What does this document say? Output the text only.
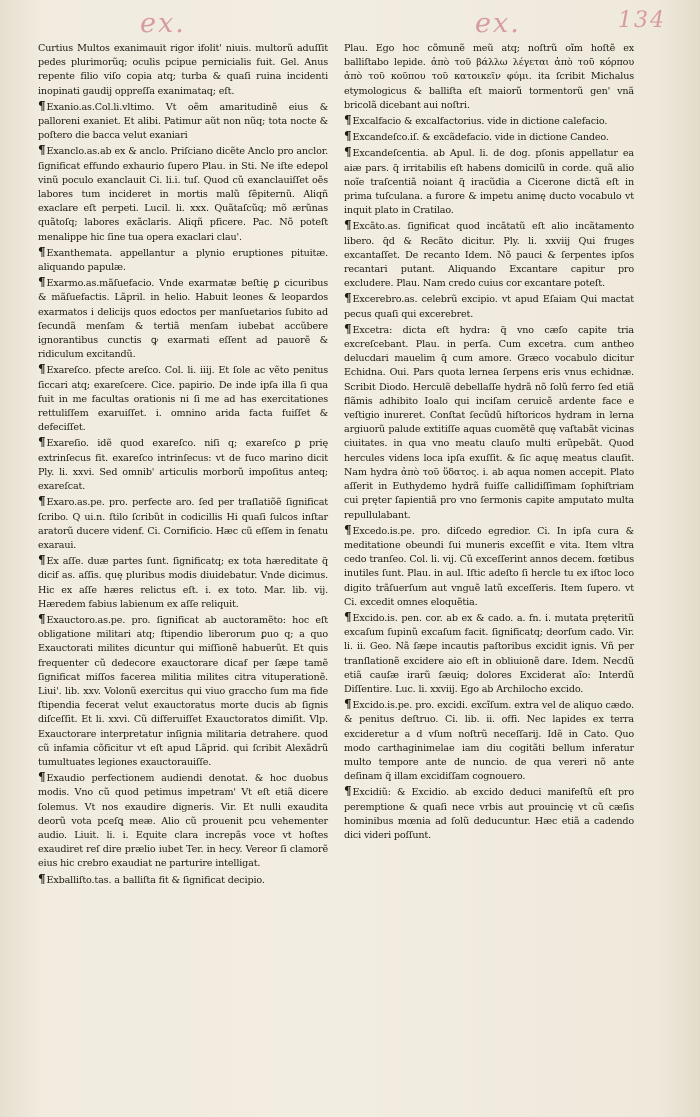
ex.	ex.	134

Curtius Multos exanimauit rigor ifolit' niuis. multorũ aduſſit pedes plurimorũq; oculis pcipue pernicialis fuit. Gel. Anus repente filio viſo copia atq; turba & quaſi ruina incidenti inopinati gaudij oppreſſa exanimataq; eſt.

¶Exanio.as.Col.li.vltimo. Vt oẽm amaritudinẽ eius & palloreni exaniet. Et alibi. Patimur aũt non nũq; tota nocte & poſtero die bacca velut exaniari

¶Exanclo.as.ab ex & anclo. Priſciano dicẽte Anclo pro anclor. ſignificat effundo exhaurio ſupero Plau. in Sti. Ne iſte edepol vinũ poculo exanclauit Ci. li.i. tuſ. Quod cũ exanclauiſſet oẽs labores tum incideret in mortis malũ ſẽpiternũ. Aliqñ exaclare eſt perpeti. Lucil. li. xxx. Quãtaſcũq; mõ ærũnas quãtoſq; labores exãclaris. Aliqñ pficere. Pac. Nõ poteſt menalippe hic ſine tua opera exaclari clau'.

¶Exanthemata. appellantur a plynio eruptiones pituitæ. aliquando papulæ.

¶Exarmo.as.mãſuefacio. Vnde exarmatæ beſtię ꝑ cicuribus & mãſuefactis. Lãpril. in helio. Habuit leones & leopardos exarmatos i delicijs quos edoctos per manſuetarios ſubito ad ſecundã menſam & tertiã menſam iubebat accũbere ignorantibus cunctis ꝙ exarmati eſſent ad pauorẽ & ridiculum excitandũ.

¶Exareſco. pfecte areſco. Col. li. iiij. Et ſole ac vẽto penitus ſiccari atq; exareſcere. Cice. papirio. De inde ipſa illa ſi qua fuit in me facultas orationis ni ſi me ad has exercitationes rettuliſſem exaruiſſet. i. omnino arida facta fuiſſet & defeciſſet.

¶Exareſio. idẽ quod exareſco. niſi q; exareſco ꝑ prię extrinſecus fit. exareſco intrinſecus: vt de fuco marino dicit Ply. li. xxvi. Sed omnib' articulis morborũ impoſitus anteq; exareſcat.

¶Exaro.as.pe. pro. perfecte aro. ſed per traſlatiõẽ ſignificat ſcribo. Q ui.n. ſtilo ſcribũt in codicillis Hi quaſi ſulcos inſtar aratorũ ducere videnf. Ci. Cornificio. Hæc cũ eſſem in ſenatu exaraui.

¶Ex aſſe. duæ partes ſunt. ſignificatq; ex tota hæreditate q̃ dicif as. aſſis. quę pluribus modis diuidebatur. Vnde dicimus. Hic ex aſſe hæres relictus eſt. i. ex toto. Mar. lib. vij. Hæredem fabius labienum ex aſſe reliquit.

¶Exauctoro.as.pe. pro. ſignificat ab auctoramẽto: hoc eſt obligatione militari atq; ſtipendio liberorum ꝑuo q; a quo Exauctorati milites dicuntur qui miſſionẽ habuerũt. Et quis frequenter cũ dedecore exauctorare dicaf per ſæpe tamẽ ſignificat miſſos facerea militia milites citra vituperationẽ. Liui'. lib. xxv. Volonũ exercitus qui viuo graccho ſum ma fide ſtipendia fecerat velut exauctoratus morte ducis ab ſignis diſceſſit. Et li. xxvi. Cũ diſferuiſſet Exauctoratos dimiſit. Vlp. Exauctorare interpretatur inſignia militaria detrahere. quod cũ infamia cõficitur vt eſt apud Lãprid. qui ſcribit Alexãdrũ tumultuates legiones exauctorauiſſe.

¶Exaudio perfectionem audiendi denotat. & hoc duobus modis. Vno cũ quod petimus impetram' Vt eſt etiã dicere ſolemus. Vt nos exaudire digneris. Vir. Et nulli exaudita deorũ vota pceſꝗ meæ. Alio cũ prouenit pcu vehementer audio. Liuit. li. i. Equite clara increpãs voce vt hoſtes exaudiret reſ dire prælio iubet Ter. in hecy. Vereor ſi clamorẽ eius hic crebro exaudiat ne parturire intelligat.

¶Exballiſto.tas. a balliſta fit & ſignificat decipio.

Plau. Ego hoc cõmunẽ meũ atq; noſtrũ oĩm hoſtẽ ex balliſtabo lepide. ἀπὸ τοῦ βάλλω λέγεται ἀπὸ τοῦ κόρπου ἀπὸ τοῦ κοῦπου τοῦ κατοικεῖν φύμι. ita ſcribit Michalus etymologicus & balliſta eſt maiorũ tormentorũ gen' vnã bricolã dicebant aui noſtri.

¶Excalfacio & excalfactorius. vide in dictione calefacio.

¶Excandeſco.iſ. & excãdefacio. vide in dictione Candeo.

¶Excandeſcentia. ab Apul. li. de dog. pſonis appellatur ea aiæ pars. q̃ irritabilis eſt habens domicilũ in corde. quã alio noĩe traſcentiã noiant q̃ iracũdia a Cicerone dictã eſt in prima tuſculana. a furore & impetu animę ducto vocabulo vt inquit plato in Cratilao.

¶Excãto.as. ſignificat quod incãtatũ eſt alio incãtamento libero. q̃d & Recãto dicitur. Ply. li. xxviij Qui fruges excantaſſet. De recanto Idem. Nõ pauci & ſerpentes ipſos recantari putant. Aliquando Excantare capitur pro excludere. Plau. Nam credo cuius cor excantare poteſt.

¶Excerebro.as. celebrũ excipio. vt apud Eſaiam Qui mactat pecus quaſi qui excerebret.

¶Excetra: dicta eſt hydra: q̃ vno cæſo capite tria excreſcebant. Plau. in perſa. Cum excetra. cum antheo delucdari mauelim q̃ cum amore. Græco vocabulo dicitur Echidna. Oui. Pars quota lernea ſerpens eris vnus echidnæ. Scribit Diodo. Herculẽ debellaſſe hydrã nõ ſolũ ferro ſed etiã flãmis adhibito Ioalo qui inciſam ceruicẽ ardente face e veſtigio inureret. Conſtat ſecũdũ hiſtoricos hydram in lerna argiuorũ palude extitiſſe aquas cuomẽtẽ quę vaſtabãt vicinas ciuitates. in qua vno meatu clauſo multi erũpebãt. Quod hercules videns loca ipſa exuſſit. & ſic aquę meatus clauſit. Nam hydra ἀπὸ τοῦ ὕδατος. i. ab aqua nomen accepit. Plato aſſerit in Euthydemo hydrã fuiſſe callidiſſimam ſophiſtriam cui pręter ſapientiã pro vno ſermonis capite amputato multa repullulabant.

¶Excedo.is.pe. pro. diſcedo egredior. Ci. In ipſa cura & meditatione obeundi ſui muneris exceſſit e vita. Item vltra cedo tranſeo. Col. li. vij. Cũ exceſſerint annos decem. fœtibus inutiles ſunt. Plau. in aul. Iſtic adeſto ſi hercle tu ex iſtoc loco digito trãſuerſum aut vnguẽ latũ exceſſeris. Item ſupero. vt Ci. excedit omnes eloquẽtia.

¶Excido.is. pen. cor. ab ex & cado. a. fn. i. mutata pręteritũ excaſum ſupinũ excaſum facit. ſignificatq; deorſum cado. Vir. li. ii. Geo. Nã ſæpe incautis paſtoribus excidit ignis. Vñ per tranſlationẽ excidere aio eſt in obliuionẽ dare. Idem. Necdũ etiã cauſæ irarũ ſæuiq; dolores Exciderat aĩo: Interdũ Diſſentire. Luc. li. xxviij. Ego ab Archilocho excido.

¶Excido.is.pe. pro. excidi. excĩſum. extra vel de aliquo cædo. & penitus deſtruo. Ci. lib. ii. offi. Nec lapides ex terra excideretur a d vſum noſtrũ neceſſarij. Idẽ in Cato. Quo modo carthaginimelae iam diu cogitãti bellum inferatur multo tempore ante de nuncio. de qua vereri nõ ante deſinam q̃ illam excidiſſam cognouero.

¶Excidiũ: & Excidio. ab excido deduci manifeſtũ eſt pro peremptione & quaſi nece vrbis aut prouincię vt cũ cæſis hominibus mœnia ad ſolũ deducuntur. Hæc etiã a cadendo dici videri poſſunt.
